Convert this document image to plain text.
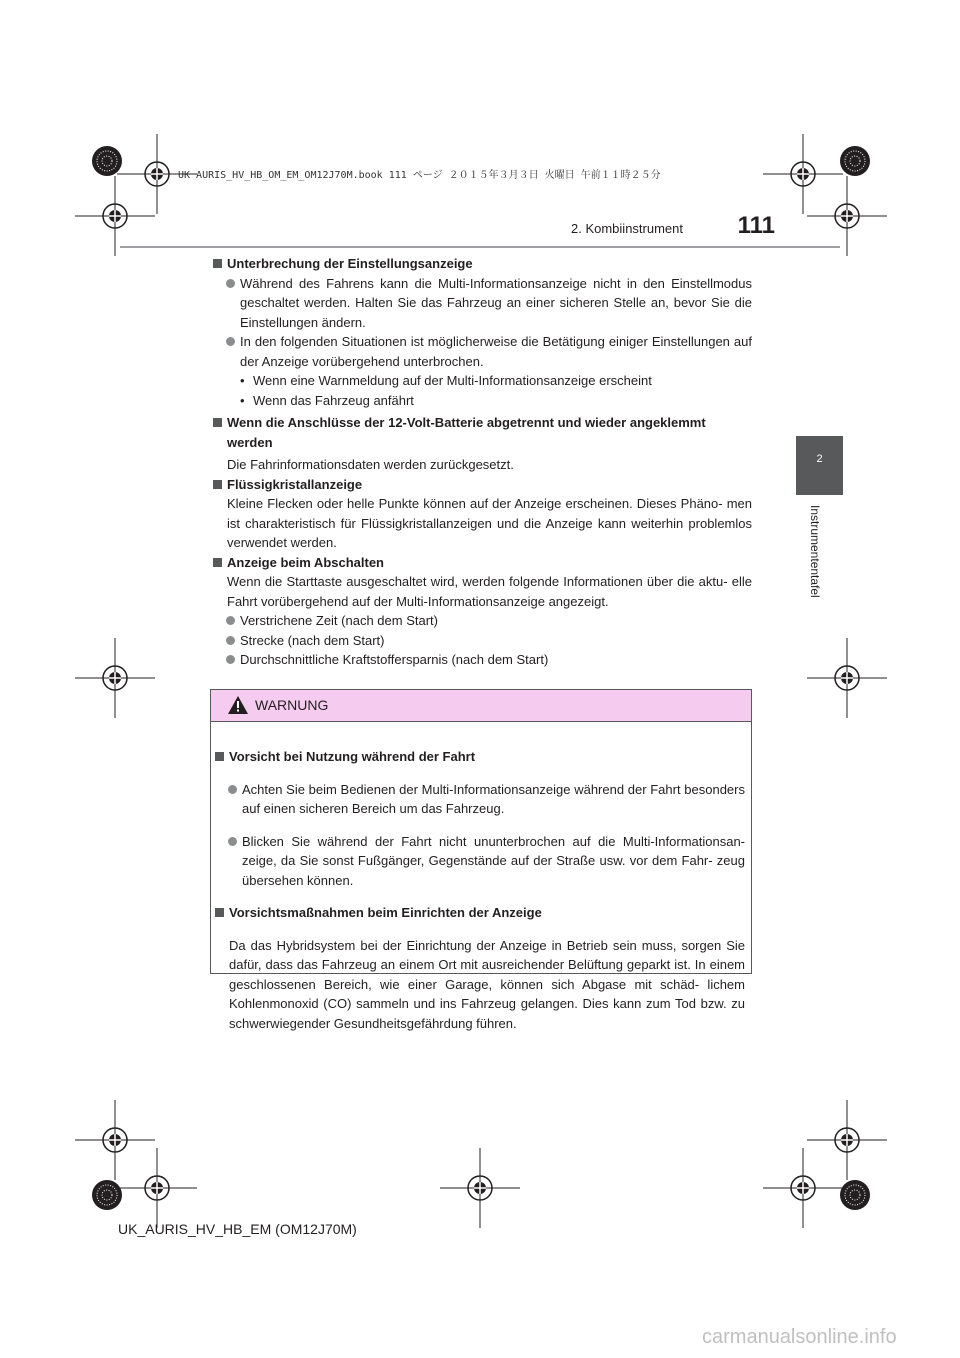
UK AURIS_HV_HB_OM_EM_OM12J70M.book 111 ページ ２０１５年３月３日 火曜日 午前１１時２５分
2. Kombiinstrument	111
2
Instrumententafel

Unterbrechung der Einstellungsanzeige

Während des Fahrens kann die Multi-Informationsanzeige nicht in den Einstellmodus geschaltet werden. Halten Sie das Fahrzeug an einer sicheren Stelle an, bevor Sie die Einstellungen ändern.

In den folgenden Situationen ist möglicherweise die Betätigung einiger Einstellungen auf der Anzeige vorübergehend unterbrochen.

• Wenn eine Warnmeldung auf der Multi-Informationsanzeige erscheint

• Wenn das Fahrzeug anfährt

Wenn die Anschlüsse der 12-Volt-Batterie abgetrennt und wieder angeklemmt werden

Die Fahrinformationsdaten werden zurückgesetzt.

Flüssigkristallanzeige

Kleine Flecken oder helle Punkte können auf der Anzeige erscheinen. Dieses Phäno- men ist charakteristisch für Flüssigkristallanzeigen und die Anzeige kann weiterhin problemlos verwendet werden.

Anzeige beim Abschalten

Wenn die Starttaste ausgeschaltet wird, werden folgende Informationen über die aktu- elle Fahrt vorübergehend auf der Multi-Informationsanzeige angezeigt.

Verstrichene Zeit (nach dem Start)

Strecke (nach dem Start)

Durchschnittliche Kraftstoffersparnis (nach dem Start)

WARNUNG

Vorsicht bei Nutzung während der Fahrt

Achten Sie beim Bedienen der Multi-Informationsanzeige während der Fahrt besonders auf einen sicheren Bereich um das Fahrzeug.

Blicken Sie während der Fahrt nicht ununterbrochen auf die Multi-Informationsan- zeige, da Sie sonst Fußgänger, Gegenstände auf der Straße usw. vor dem Fahr- zeug übersehen können.

Vorsichtsmaßnahmen beim Einrichten der Anzeige

Da das Hybridsystem bei der Einrichtung der Anzeige in Betrieb sein muss, sorgen Sie dafür, dass das Fahrzeug an einem Ort mit ausreichender Belüftung geparkt ist. In einem geschlossenen Bereich, wie einer Garage, können sich Abgase mit schäd- lichem Kohlenmonoxid (CO) sammeln und ins Fahrzeug gelangen. Dies kann zum Tod bzw. zu schwerwiegender Gesundheitsgefährdung führen.

UK_AURIS_HV_HB_EM (OM12J70M)
carmanualsonline.info
